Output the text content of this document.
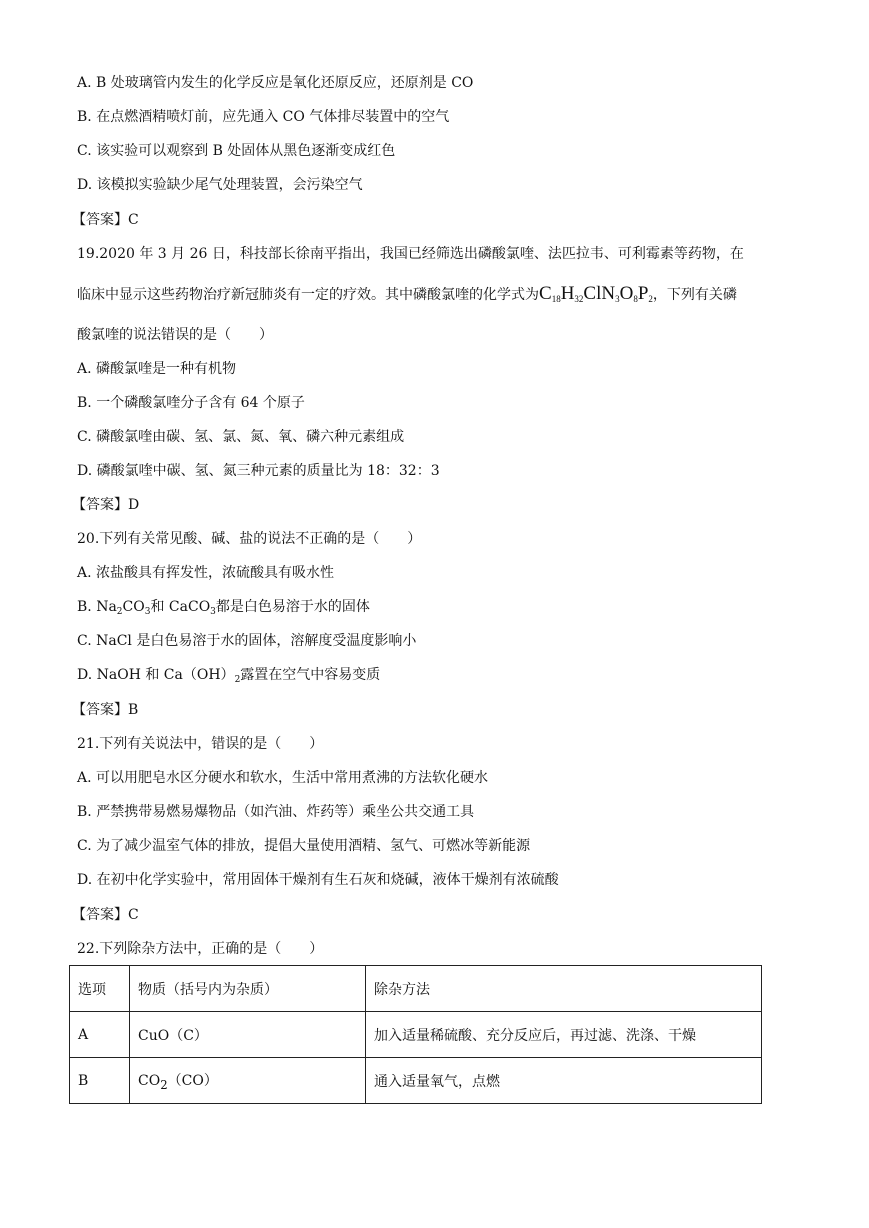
A. B 处玻璃管内发生的化学反应是氧化还原反应，还原剂是 CO
B. 在点燃酒精喷灯前，应先通入 CO 气体排尽装置中的空气
C. 该实验可以观察到 B 处固体从黑色逐渐变成红色
D. 该模拟实验缺少尾气处理装置，会污染空气
【答案】C
19.2020 年 3 月 26 日，科技部长徐南平指出，我国已经筛选出磷酸氯喹、法匹拉韦、可利霉素等药物，在
临床中显示这些药物治疗新冠肺炎有一定的疗效。其中磷酸氯喹的化学式为$C_{18}H_{32}ClN_3O_8P_2$，下列有关磷
酸氯喹的说法错误的是（　　）
A. 磷酸氯喹是一种有机物
B. 一个磷酸氯喹分子含有 64 个原子
C. 磷酸氯喹由碳、氢、氯、氮、氧、磷六种元素组成
D. 磷酸氯喹中碳、氢、氮三种元素的质量比为 18：32：3
【答案】D
20.下列有关常见酸、碱、盐的说法不正确的是（　　）
A. 浓盐酸具有挥发性，浓硫酸具有吸水性
B. $Na_2CO_3$和 CaCO$_3$都是白色易溶于水的固体
C. NaCl 是白色易溶于水的固体，溶解度受温度影响小
D. NaOH 和 $Ca(OH)_2$露置在空气中容易变质
【答案】B
21.下列有关说法中，错误的是（　　）
A. 可以用肥皂水区分硬水和软水，生活中常用煮沸的方法软化硬水
B. 严禁携带易燃易爆物品（如汽油、炸药等）乘坐公共交通工具
C. 为了减少温室气体的排放，提倡大量使用酒精、氢气、可燃冰等新能源
D. 在初中化学实验中，常用固体干燥剂有生石灰和烧碱，液体干燥剂有浓硫酸
【答案】C
22.下列除杂方法中，正确的是（　　）
选项	物质（括号内为杂质）	除杂方法
A	CuO（C）	加入适量稀硫酸、充分反应后，再过滤、洗涤、干燥
B	$CO_2(CO)$	通入适量氧气，点燃
